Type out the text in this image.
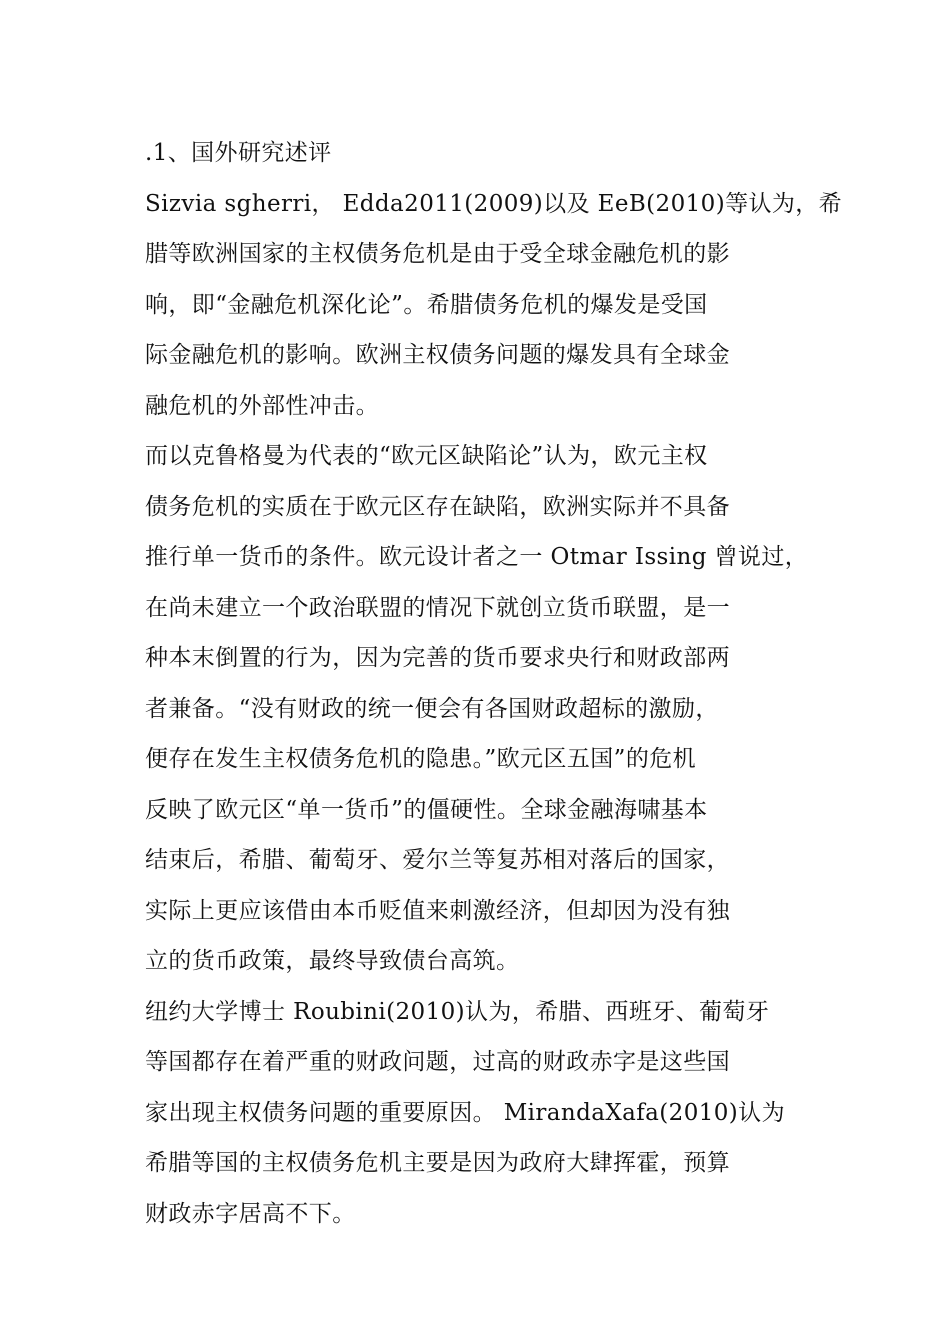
.1、国外研究述评
Sizvia sgherri， Edda2011(2009)以及 EeB(2010)等认为，希
腊等欧洲国家的主权债务危机是由于受全球金融危机的影
响，即“金融危机深化论”。希腊债务危机的爆发是受国
际金融危机的影响。欧洲主权债务问题的爆发具有全球金
融危机的外部性冲击。
而以克鲁格曼为代表的“欧元区缺陷论”认为，欧元主权
债务危机的实质在于欧元区存在缺陷，欧洲实际并不具备
推行单一货币的条件。欧元设计者之一 Otmar Issing 曾说过，
在尚未建立一个政治联盟的情况下就创立货币联盟，是一
种本末倒置的行为，因为完善的货币要求央行和财政部两
者兼备。“没有财政的统一便会有各国财政超标的激励，
便存在发生主权债务危机的隐患。”欧元区五国”的危机
反映了欧元区“单一货币”的僵硬性。全球金融海啸基本
结束后，希腊、葡萄牙、爱尔兰等复苏相对落后的国家，
实际上更应该借由本币贬值来刺激经济，但却因为没有独
立的货币政策，最终导致债台高筑。
纽约大学博士 Roubini(2010)认为，希腊、西班牙、葡萄牙
等国都存在着严重的财政问题，过高的财政赤字是这些国
家出现主权债务问题的重要原因。 MirandaXafa(2010)认为
希腊等国的主权债务危机主要是因为政府大肆挥霍，预算
财政赤字居高不下。
